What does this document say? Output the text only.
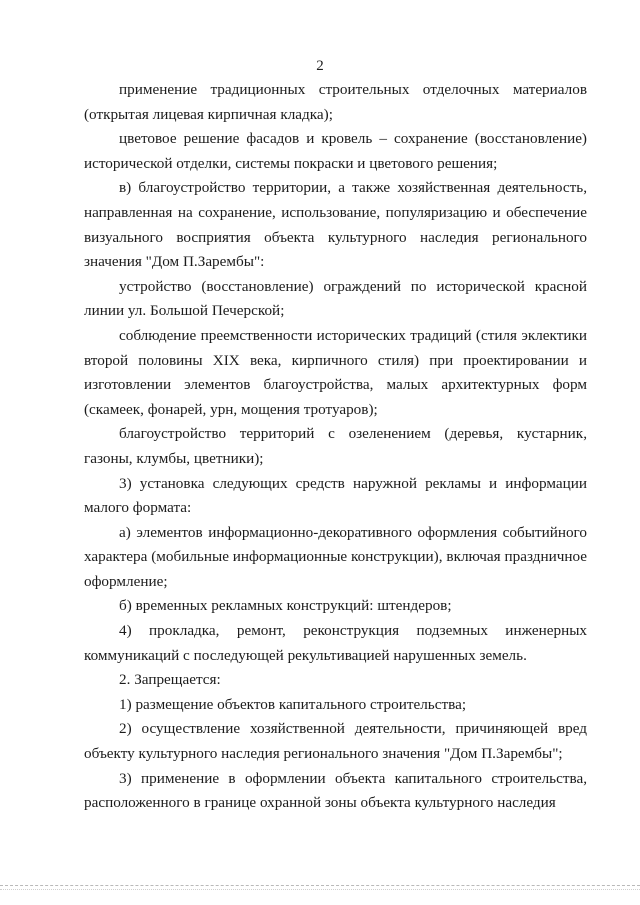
2

применение традиционных строительных отделочных материалов (открытая лицевая кирпичная кладка);

цветовое решение фасадов и кровель – сохранение (восстановление) исторической отделки, системы покраски и цветового решения;

в) благоустройство территории, а также хозяйственная деятельность, направленная на сохранение, использование, популяризацию и обеспечение визуального восприятия объекта культурного наследия регионального значения "Дом П.Зарембы":

устройство (восстановление) ограждений по исторической красной линии ул. Большой Печерской;

соблюдение преемственности исторических традиций (стиля эклектики второй половины XIX века, кирпичного стиля) при проектировании и изготовлении элементов благоустройства, малых архитектурных форм (скамеек, фонарей, урн, мощения тротуаров);

благоустройство территорий с озеленением (деревья, кустарник, газоны, клумбы, цветники);

3) установка следующих средств наружной рекламы и информации малого формата:

а) элементов информационно-декоративного оформления событийного характера (мобильные информационные конструкции), включая праздничное оформление;

б) временных рекламных конструкций: штендеров;

4) прокладка, ремонт, реконструкция подземных инженерных коммуникаций с последующей рекультивацией нарушенных земель.

2. Запрещается:

1) размещение объектов капитального строительства;

2) осуществление хозяйственной деятельности, причиняющей вред объекту культурного наследия регионального значения "Дом П.Зарембы";

3) применение в оформлении объекта капитального строительства, расположенного в границе охранной зоны объекта культурного наследия
